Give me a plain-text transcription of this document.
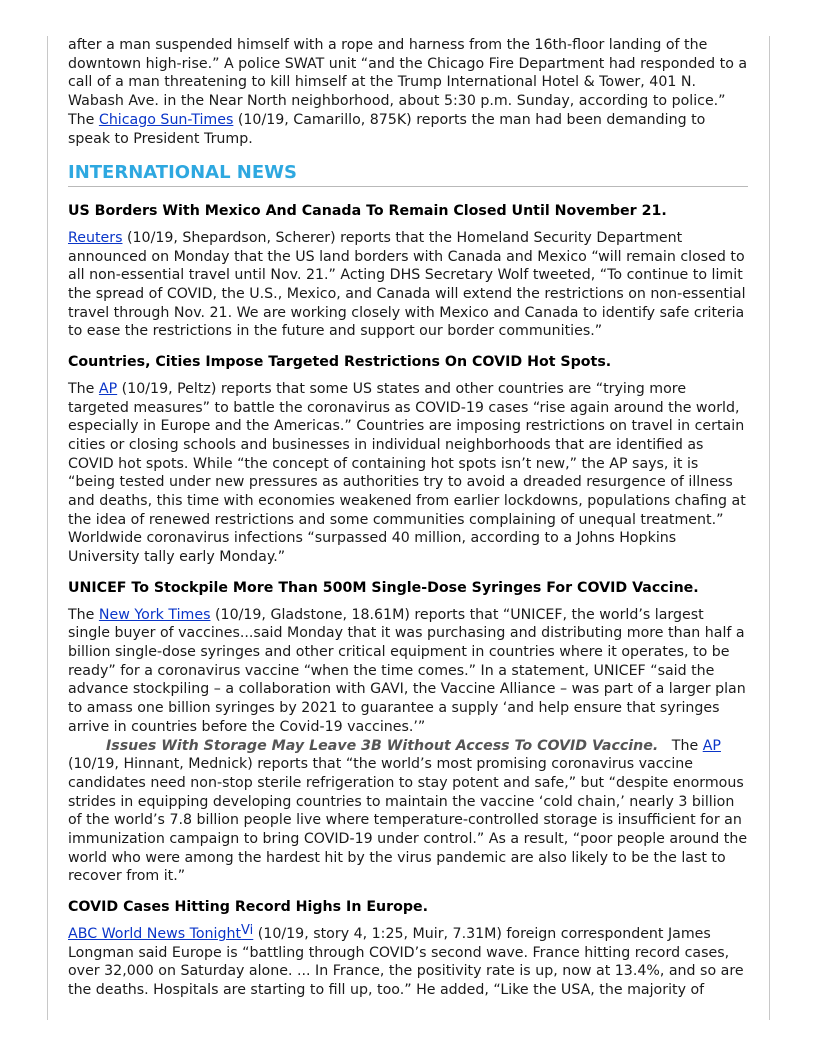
after a man suspended himself with a rope and harness from the 16th-floor landing of the downtown high-rise.” A police SWAT unit “and the Chicago Fire Department had responded to a call of a man threatening to kill himself at the Trump International Hotel & Tower, 401 N. Wabash Ave. in the Near North neighborhood, about 5:30 p.m. Sunday, according to police.” The Chicago Sun-Times (10/19, Camarillo, 875K) reports the man had been demanding to speak to President Trump.

INTERNATIONAL NEWS
US Borders With Mexico And Canada To Remain Closed Until November 21.

Reuters (10/19, Shepardson, Scherer) reports that the Homeland Security Department announced on Monday that the US land borders with Canada and Mexico “will remain closed to all non-essential travel until Nov. 21.” Acting DHS Secretary Wolf tweeted, “To continue to limit the spread of COVID, the U.S., Mexico, and Canada will extend the restrictions on non-essential travel through Nov. 21. We are working closely with Mexico and Canada to identify safe criteria to ease the restrictions in the future and support our border communities.”

Countries, Cities Impose Targeted Restrictions On COVID Hot Spots.

The AP (10/19, Peltz) reports that some US states and other countries are “trying more targeted measures” to battle the coronavirus as COVID-19 cases “rise again around the world, especially in Europe and the Americas.” Countries are imposing restrictions on travel in certain cities or closing schools and businesses in individual neighborhoods that are identified as COVID hot spots. While “the concept of containing hot spots isn’t new,” the AP says, it is “being tested under new pressures as authorities try to avoid a dreaded resurgence of illness and deaths, this time with economies weakened from earlier lockdowns, populations chafing at the idea of renewed restrictions and some communities complaining of unequal treatment.” Worldwide coronavirus infections “surpassed 40 million, according to a Johns Hopkins University tally early Monday.”

UNICEF To Stockpile More Than 500M Single-Dose Syringes For COVID Vaccine.

The New York Times (10/19, Gladstone, 18.61M) reports that “UNICEF, the world’s largest single buyer of vaccines...said Monday that it was purchasing and distributing more than half a billion single-dose syringes and other critical equipment in countries where it operates, to be ready” for a coronavirus vaccine “when the time comes.” In a statement, UNICEF “said the advance stockpiling – a collaboration with GAVI, the Vaccine Alliance – was part of a larger plan to amass one billion syringes by 2021 to guarantee a supply ‘and help ensure that syringes arrive in countries before the Covid-19 vaccines.’”

Issues With Storage May Leave 3B Without Access To COVID Vaccine.   The AP (10/19, Hinnant, Mednick) reports that “the world’s most promising coronavirus vaccine candidates need non-stop sterile refrigeration to stay potent and safe,” but “despite enormous strides in equipping developing countries to maintain the vaccine ‘cold chain,’ nearly 3 billion of the world’s 7.8 billion people live where temperature-controlled storage is insufficient for an immunization campaign to bring COVID-19 under control.” As a result, “poor people around the world who were among the hardest hit by the virus pandemic are also likely to be the last to recover from it.”

COVID Cases Hitting Record Highs In Europe.

ABC World News Tonight$^{Vi}$ (10/19, story 4, 1:25, Muir, 7.31M) foreign correspondent James Longman said Europe is “battling through COVID’s second wave. France hitting record cases, over 32,000 on Saturday alone. ... In France, the positivity rate is up, now at 13.4%, and so are the deaths. Hospitals are starting to fill up, too.” He added, “Like the USA, the majority of
